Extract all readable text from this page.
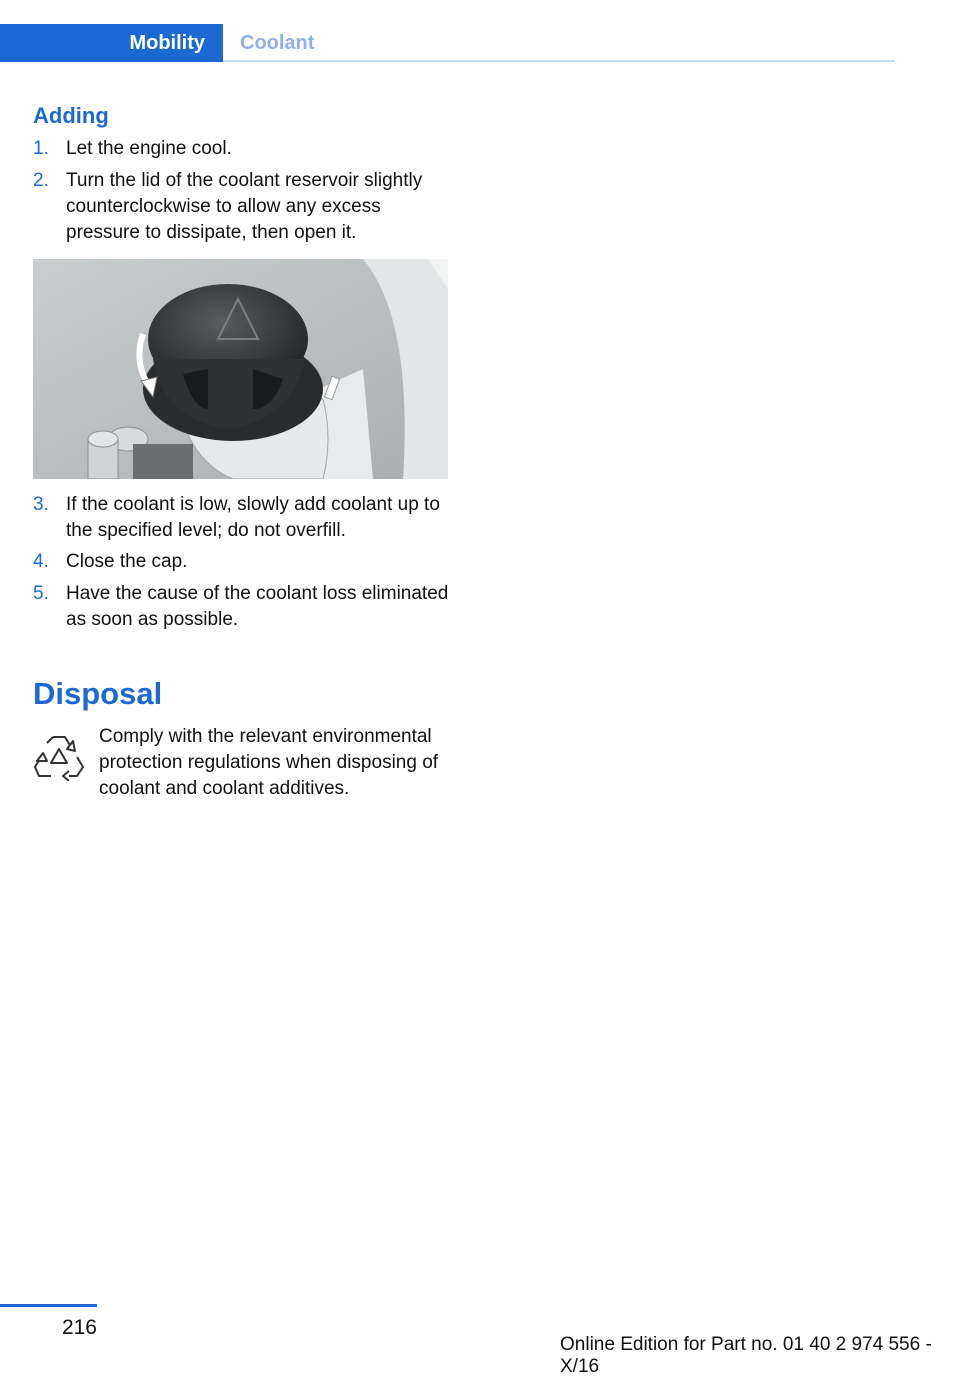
Mobility	Coolant
Adding
1. Let the engine cool.
2. Turn the lid of the coolant reservoir slightly counterclockwise to allow any excess pressure to dissipate, then open it.
3. If the coolant is low, slowly add coolant up to the specified level; do not overfill.
4. Close the cap.
5. Have the cause of the coolant loss eliminated as soon as possible.
Disposal
Comply with the relevant environmental protection regulations when disposing of coolant and coolant additives.
216
Online Edition for Part no. 01 40 2 974 556 - X/16
